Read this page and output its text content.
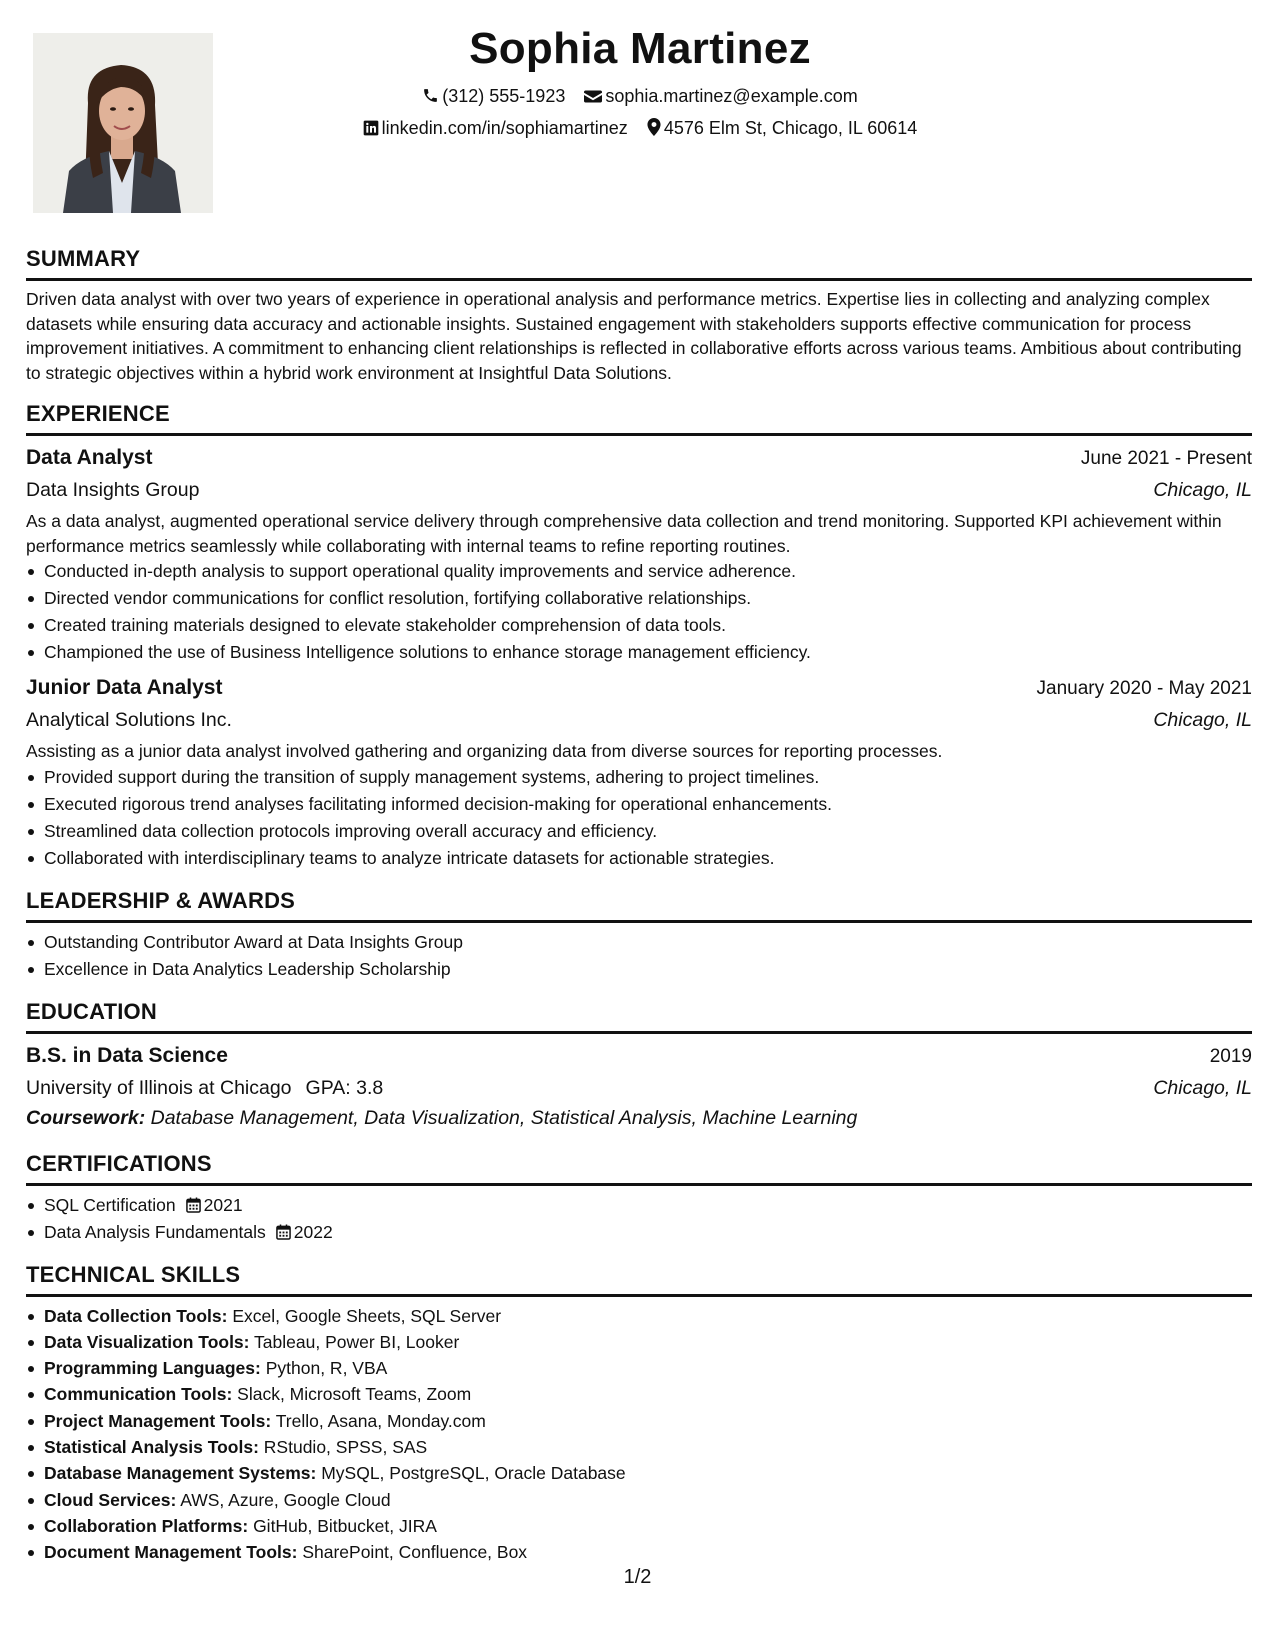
Sophia Martinez
(312) 555-1923 sophia.martinez@example.com
linkedin.com/in/sophiamartinez 4576 Elm St, Chicago, IL 60614
SUMMARY
Driven data analyst with over two years of experience in operational analysis and performance metrics. Expertise lies in collecting and analyzing complex datasets while ensuring data accuracy and actionable insights. Sustained engagement with stakeholders supports effective communication for process improvement initiatives. A commitment to enhancing client relationships is reflected in collaborative efforts across various teams. Ambitious about contributing to strategic objectives within a hybrid work environment at Insightful Data Solutions.
EXPERIENCE
Data Analyst	June 2021 - Present
Data Insights Group	Chicago, IL
As a data analyst, augmented operational service delivery through comprehensive data collection and trend monitoring. Supported KPI achievement within performance metrics seamlessly while collaborating with internal teams to refine reporting routines.
Conducted in-depth analysis to support operational quality improvements and service adherence.
Directed vendor communications for conflict resolution, fortifying collaborative relationships.
Created training materials designed to elevate stakeholder comprehension of data tools.
Championed the use of Business Intelligence solutions to enhance storage management efficiency.
Junior Data Analyst	January 2020 - May 2021
Analytical Solutions Inc.	Chicago, IL
Assisting as a junior data analyst involved gathering and organizing data from diverse sources for reporting processes.
Provided support during the transition of supply management systems, adhering to project timelines.
Executed rigorous trend analyses facilitating informed decision-making for operational enhancements.
Streamlined data collection protocols improving overall accuracy and efficiency.
Collaborated with interdisciplinary teams to analyze intricate datasets for actionable strategies.
LEADERSHIP & AWARDS
Outstanding Contributor Award at Data Insights Group
Excellence in Data Analytics Leadership Scholarship
EDUCATION
B.S. in Data Science	2019
University of Illinois at Chicago GPA: 3.8	Chicago, IL
Coursework: Database Management, Data Visualization, Statistical Analysis, Machine Learning
CERTIFICATIONS
SQL Certification 2021
Data Analysis Fundamentals 2022
TECHNICAL SKILLS
Data Collection Tools: Excel, Google Sheets, SQL Server
Data Visualization Tools: Tableau, Power BI, Looker
Programming Languages: Python, R, VBA
Communication Tools: Slack, Microsoft Teams, Zoom
Project Management Tools: Trello, Asana, Monday.com
Statistical Analysis Tools: RStudio, SPSS, SAS
Database Management Systems: MySQL, PostgreSQL, Oracle Database
Cloud Services: AWS, Azure, Google Cloud
Collaboration Platforms: GitHub, Bitbucket, JIRA
Document Management Tools: SharePoint, Confluence, Box
1/2
